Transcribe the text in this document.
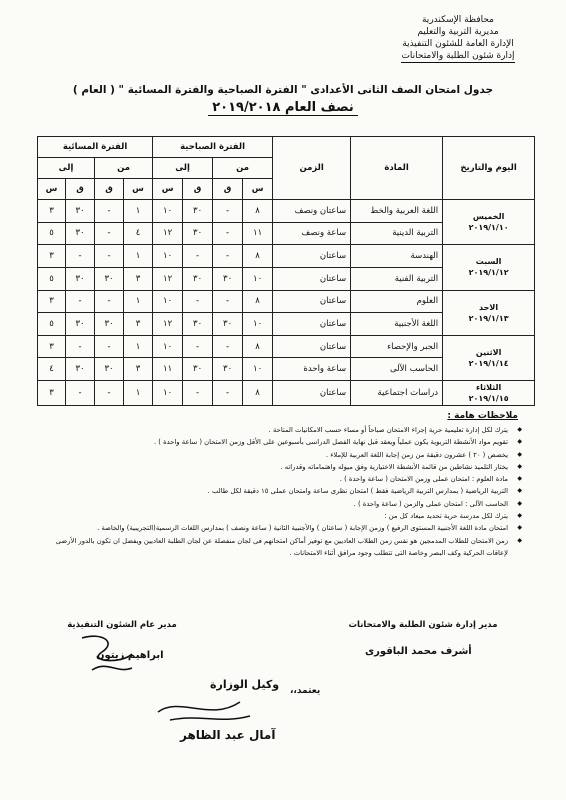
محافظة الإسكندرية
مديرية التربية والتعليم
الإدارة العامة للشئون التنفيذية
إدارة شئون الطلبة والامتحانات
جدول امتحان الصف الثانى الأعدادى " الفترة الصباحية والفترة المسائية " ( العام )
نصف العام ٢٠١٩/٢٠١٨
اليوم والتاريخ	المادة	الزمن	الفترة الصباحية				الفترة المسائية			
			من		إلى		من		إلى	
			س	ق	ق	س	س	ق	ق	س

الخميس
٢٠١٩/١/١٠	اللغة العربية والخط	ساعتان ونصف	٨	-	٣٠	١٠	١	-	٣٠	٣
	التربية الدينية	ساعة ونصف	١١	-	٣٠	١٢	٤	-	٣٠	٥

السبت
٢٠١٩/١/١٢	الهندسة	ساعتان	٨	-	-	١٠	١	-	-	٣
	التربية الفنية	ساعتان	١٠	٣٠	٣٠	١٢	٣	٣٠	٣٠	٥

الاحد
٢٠١٩/١/١٣	العلوم	ساعتان	٨	-	-	١٠	١	-	-	٣
	اللغة الأجنبية	ساعتان	١٠	٣٠	٣٠	١٢	٣	٣٠	٣٠	٥

الاثنين
٢٠١٩/١/١٤	الجبر والإحصاء	ساعتان	٨	-	-	١٠	١	-	-	٣
	الحاسب الآلى	ساعة واحدة	١٠	٣٠	٣٠	١١	٣	٣٠	٣٠	٤

الثلاثاء
٢٠١٩/١/١٥	دراسات اجتماعية	ساعتان	٨	-	-	١٠	١	-	-	٣
ملاحظات هامة :
◆ يترك لكل إدارة تعليمية حرية إجراء الامتحان صباحاً أو مساء حسب الامكانيات المتاحة .
◆ تقويم مواد الأنشطة التربوية يكون عملياً ويعقد قبل نهاية الفصل الدراسى بأسبوعين على الأقل وزمن الامتحان ( ساعة واحدة ) .
◆ يخصص ( ٢٠ ) عشرون دقيقة من زمن إجابة اللغة العربية للإملاء .
◆ يختار التلميذ نشاطين من قائمة الأنشطة الاختيارية وفق ميوله واهتماماته وقدراته .
◆ مادة العلوم : امتحان عملى وزمن الامتحان ( ساعة واحدة ) .
◆ التربية الرياضية ( بمدارس التربية الرياضية فقط ) امتحان نظرى ساعة وامتحان عملى ١٥ دقيقة لكل طالب .
◆ الحاسب الآلى : امتحان عملى والزمن ( ساعة واحدة ) .
◆ يترك لكل مدرسة حرية تحديد ميعاد كل من :
◆ امتحان مادة اللغة الأجنبية المستوى الرفيع ) وزمن الإجابة ( ساعتان ) والأجنبية الثانية ( ساعة ونصف ) بمدارس اللغات الرسمية(التجريبية) والخاصة .
◆ زمن الامتحان للطلاب المدمجين هو نفس زمن الطلاب العاديين مع توفير أماكن امتحانهم فى لجان منفصلة عن لجان الطلبة العاديين ويفضل ان تكون بالدور الأرضى لإعاقات الحركية وكف البصر وخاصة التى تتطلب وجود مرافق أثناء الامتحانات .
مدير عام الشئون التنفيذية
ابراهيم زيتون
مدير إدارة شئون الطلبة والامتحانات
أشرف محمد الباقورى
يعتمد،،
وكيل الوزارة
آمال عبد الظاهر
